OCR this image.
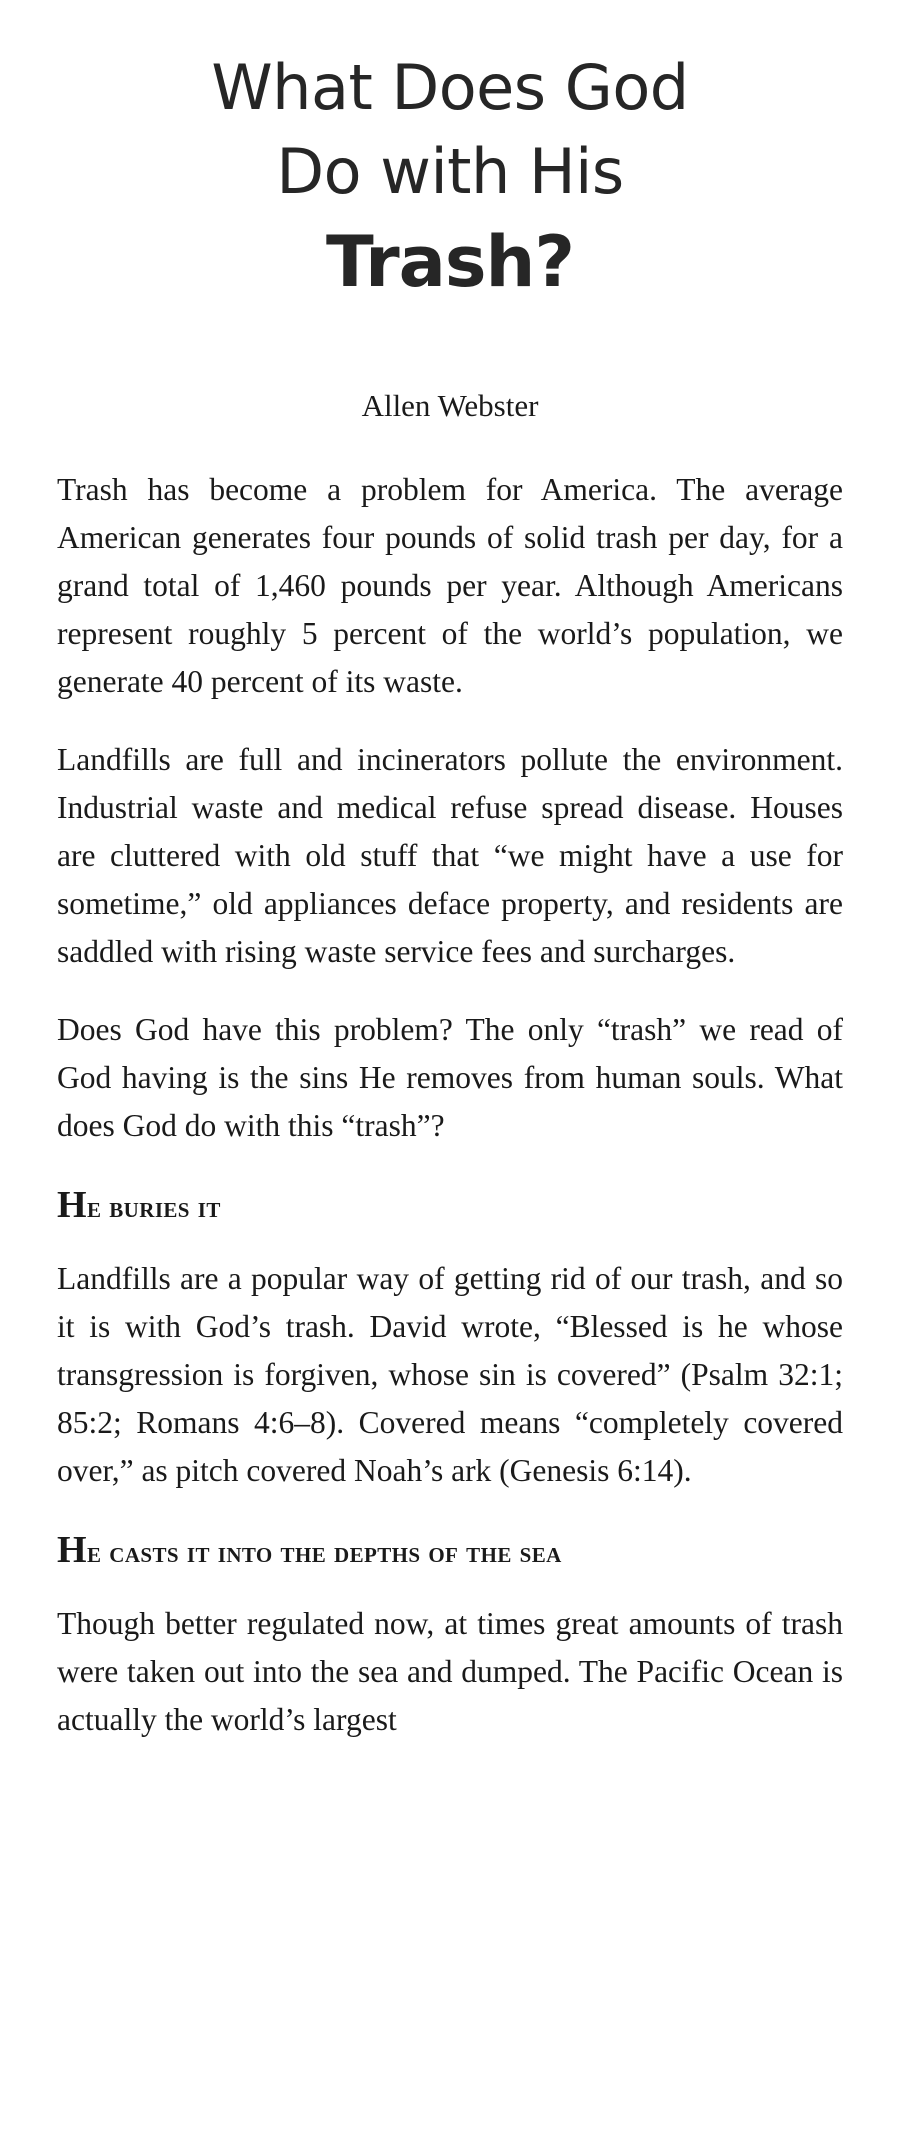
What Does God
Do with His
Trash?
Allen Webster

Trash has become a problem for America. The average American generates four pounds of solid trash per day, for a grand total of 1,460 pounds per year. Although Americans represent roughly 5 percent of the world’s population, we generate 40 percent of its waste.

Landfills are full and incinerators pollute the environment. Industrial waste and medical refuse spread disease. Houses are cluttered with old stuff that “we might have a use for sometime,” old appliances deface property, and residents are saddled with rising waste service fees and surcharges.

Does God have this problem? The only “trash” we read of God having is the sins He removes from human souls. What does God do with this “trash”?

He buries it

Landfills are a popular way of getting rid of our trash, and so it is with God’s trash. David wrote, “Blessed is he whose transgression is forgiven, whose sin is covered” (Psalm 32:1; 85:2; Romans 4:6–8). Covered means “completely covered over,” as pitch covered Noah’s ark (Genesis 6:14).

He casts it into the depths of the sea

Though better regulated now, at times great amounts of trash were taken out into the sea and dumped. The Pacific Ocean is actually the world’s largest
